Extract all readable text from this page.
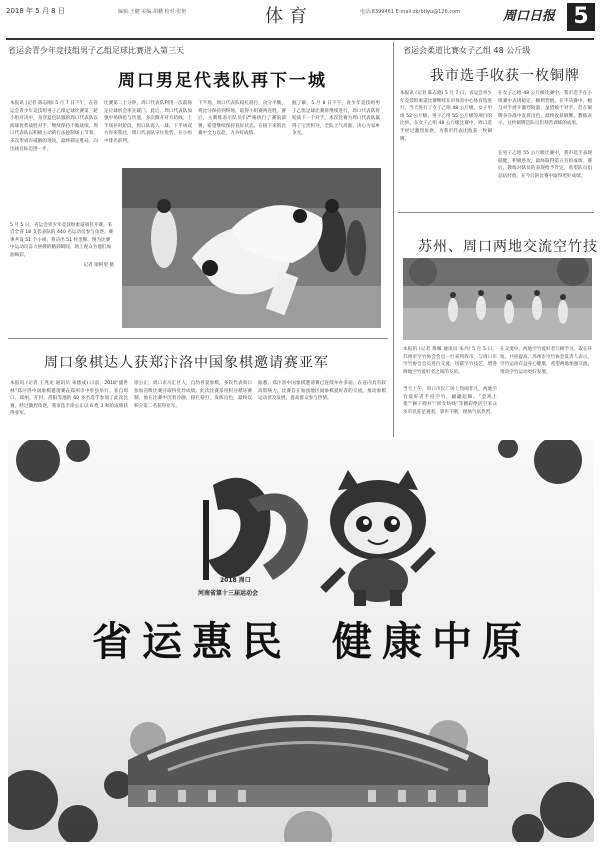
2018 年 5 月 8 日	编辑:王健 美编:胡鹏 校对:张艳	体育	电话:8399461 E-mail:zkrbtiyu@126.com	周口日报 5
省运会青少年竞技组男子乙组足球比赛进入第三天
周口男足代表队再下一城
本报讯 (记者 陈志刚) 5 月 7 日下午，在省运会青少年竞技组男子乙组足球比赛第三轮小组对决中，身穿蓝色队服的周口代表队以两球优势战胜对手，继续保持不败战绩。周口代表队以积极主动的打法控制场上节奏，多次形成有威胁的进攻，最终锁定胜局，向出线目标迈进一步。
比赛第二十分钟，周口代表队利用一次前场定位球机会率先破门。此后，周口代表队加强中场拼抢与传递，多次撕开对方防线。上半场补时阶段，周口队再入一球。下半场双方你来我往，周口代表队守住优势，在小组中排名前列。
下半场，周口代表队稳扎稳打，攻守平衡，将比分保持到终场，取得小组赛两连胜。赛后，主教练表示队员们严格执行了赛前部署，希望继续保持良好状态，在接下来的比赛中全力以赴，力争好成绩。
据了解，5 月 8 日下午，青少年竞技组男子乙组足球比赛将继续进行，周口代表队将迎战下一个对手。本次比赛为周口代表队赢得了宝贵积分，全队士气高涨，决心为家乡争光。
5 月 5 日，省运会青少年竞技组柔道项目开赛。来自全省 18 支代表队的 440 名运动员参与角逐。赛事共设 51 个小项，将决出 51 枚金牌。图为比赛中运动员奋力拼搏的精彩瞬间，场上观众为他们加油喝彩。
记者 梁阿望 摄
省运会柔道比赛女子乙组 48 公斤级
我市选手收获一枚铜牌
本报讯 (记者 陈志刚) 5 月 7 日，省运会青少年竞技组柔道比赛继续在市体育中心体育馆进行，当天进行了女子乙组 48 公斤级、女子甲组 52 公斤级、男子乙组 55 公斤级等项目的比拼。在女子乙组 48 公斤级比赛中，周口选手经过激烈角逐，为我市代表团收获一枚铜牌。
在女子乙组 48 公斤级比赛中，我市选手在小组赛中表现稳定，顺利晋级。在半决赛中，她与对手展开激烈较量，虽惜败于对手，但在铜牌争夺战中发挥出色，最终收获铜牌。教练表示，这枚铜牌是队员们刻苦训练的成果。
在男子乙组 55 公斤级比赛中，我市选手表现稳健，积极进攻，最终取得第五名的成绩。赛后，教练对队员的表现给予肯定，希望队员们总结经验，在今后的比赛中取得更好成绩。
苏州、周口两地交流空竹技
本报讯 (记者 黄佩 通讯员 朱丹) 5 月 5 日，苏州市空竹协会会员一行来到我市，与周口市空竹协会会员进行交流，切磋空竹技艺，增进两地空竹爱好者之间的友谊。
当天上午，周口市民广场上热闹非凡，两地空竹爱好者手持空竹，翩翩起舞。“金鸡上架”“猴子爬杆”“织女纺线”等精彩绝活引来众多市民驻足观看，掌声不断，现场气氛热烈。
在交流中，两地空竹爱好者互相学习，取长补短，共同提高。苏州市空竹协会负责人表示，空竹运动有益身心健康，希望两地加强交流，推动空竹运动更好发展。
周口象棋达人获郑汴洛中国象棋邀请赛亚军
本报讯 (记者 王兆龙 通讯员 朱德成) 日前，2018“盛世林”郑汴洛中国象棋邀请赛在郑州市中牟县举行。来自周口、郑州、开封、洛阳等地的 60 多名选手参加了此次比赛。经过激烈角逐，我市选手徐公正以 6 胜 3 和的成绩获得亚军。
徐公正，周口市川汇区人，自幼喜爱象棋，多次代表周口参加省级比赛并取得优异成绩。此次比赛采用积分循环赛制，他在比赛中沉着冷静，稳扎稳打，发挥出色，最终以积分第二名获得亚军。
据悉，郑汴洛中国象棋邀请赛已连续举办多届，在省内具有较高影响力。比赛旨在加强地区间象棋爱好者的交流，推动象棋运动普及发展，提高群众参与热情。
2018 周口
河南省第十三届运动会
省运惠民 健康中原
